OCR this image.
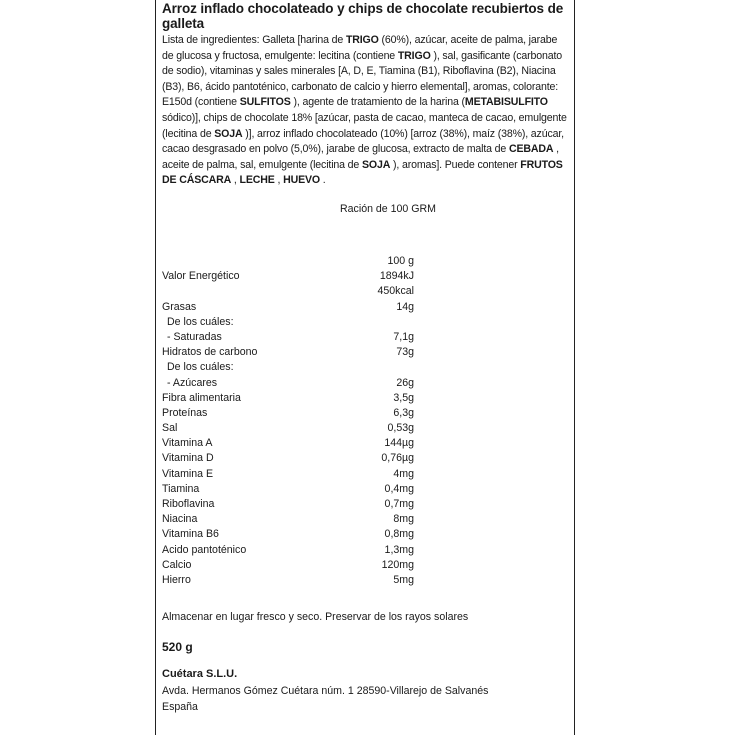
Arroz inflado chocolateado y chips de chocolate recubiertos de galleta
Lista de ingredientes: Galleta [harina de TRIGO (60%), azúcar, aceite de palma, jarabe de glucosa y fructosa, emulgente: lecitina (contiene TRIGO ), sal, gasificante (carbonato de sodio), vitaminas y sales minerales [A, D, E, Tiamina (B1), Riboflavina (B2), Niacina (B3), B6, ácido pantoténico, carbonato de calcio y hierro elemental], aromas, colorante: E150d (contiene SULFITOS ), agente de tratamiento de la harina (METABISULFITO sódico)], chips de chocolate 18% [azúcar, pasta de cacao, manteca de cacao, emulgente (lecitina de SOJA )], arroz inflado chocolateado (10%) [arroz (38%), maíz (38%), azúcar, cacao desgrasado en polvo (5,0%), jarabe de glucosa, extracto de malta de CEBADA , aceite de palma, sal, emulgente (lecitina de SOJA ), aromas]. Puede contener FRUTOS DE CÁSCARA , LECHE , HUEVO .
Ración de 100 GRM
100 g
Valor Energético	1894kJ
450kcal
Grasas	14g
De los cuáles:
- Saturadas	7,1g
Hidratos de carbono	73g
De los cuáles:
- Azúcares	26g
Fibra alimentaria	3,5g
Proteínas	6,3g
Sal	0,53g
Vitamina A	144µg
Vitamina D	0,76µg
Vitamina E	4mg
Tiamina	0,4mg
Riboflavina	0,7mg
Niacina	8mg
Vitamina B6	0,8mg
Acido pantoténico	1,3mg
Calcio	120mg
Hierro	5mg
Almacenar en lugar fresco y seco. Preservar de los rayos solares
520 g
Cuétara S.L.U.
Avda. Hermanos Gómez Cuétara núm. 1 28590-Villarejo de Salvanés
España
